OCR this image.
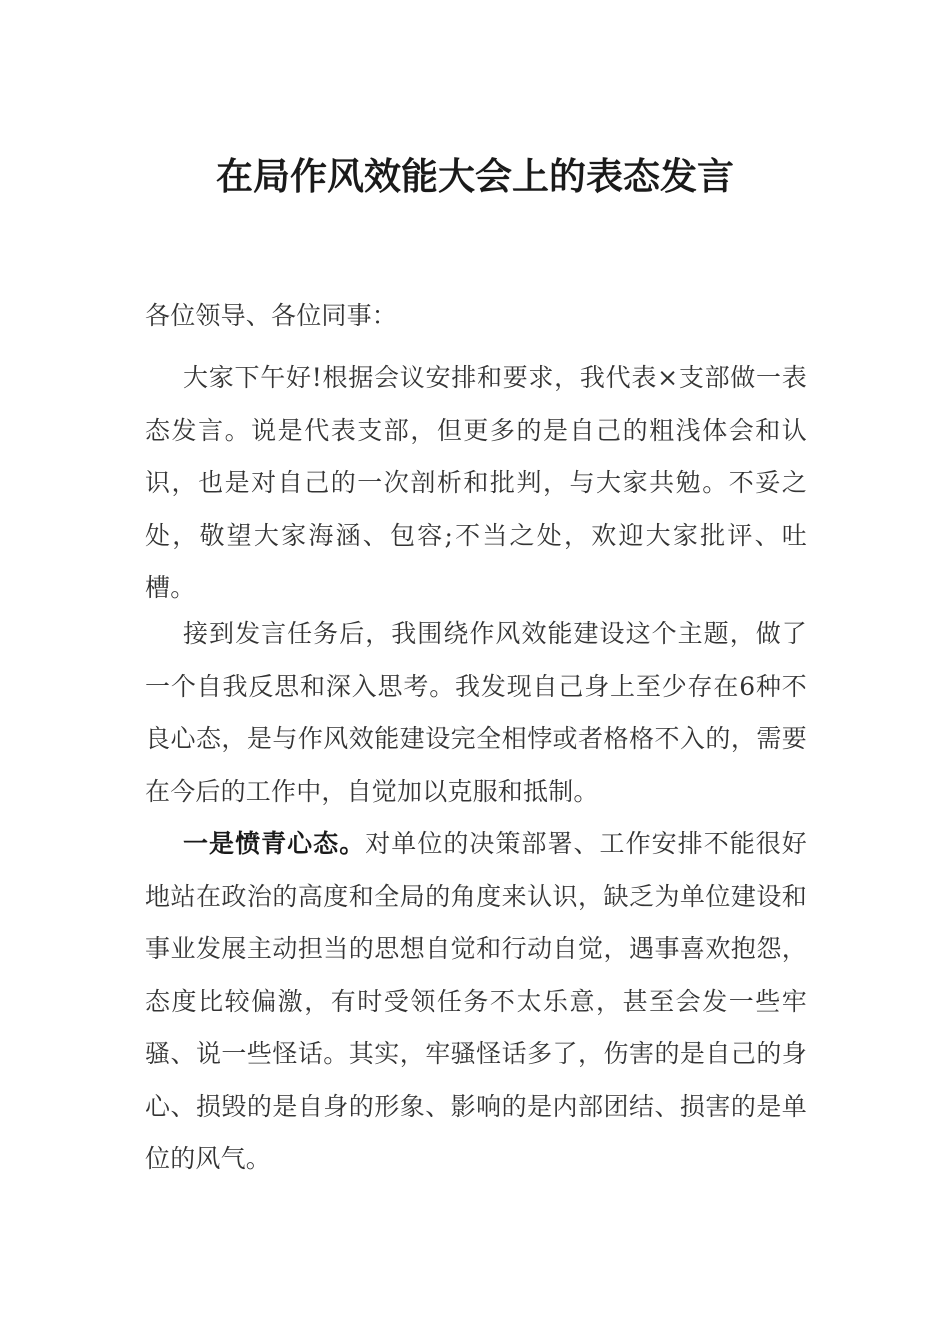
在局作风效能大会上的表态发言
各位领导、各位同事：
大家下午好!根据会议安排和要求，我代表×支部做一表态发言。说是代表支部，但更多的是自己的粗浅体会和认识，也是对自己的一次剖析和批判，与大家共勉。不妥之处，敬望大家海涵、包容;不当之处，欢迎大家批评、吐槽。
接到发言任务后，我围绕作风效能建设这个主题，做了一个自我反思和深入思考。我发现自己身上至少存在6种不良心态，是与作风效能建设完全相悖或者格格不入的，需要在今后的工作中，自觉加以克服和抵制。
一是愤青心态。对单位的决策部署、工作安排不能很好地站在政治的高度和全局的角度来认识，缺乏为单位建设和事业发展主动担当的思想自觉和行动自觉，遇事喜欢抱怨，态度比较偏激，有时受领任务不太乐意，甚至会发一些牢骚、说一些怪话。其实，牢骚怪话多了，伤害的是自己的身心、损毁的是自身的形象、影响的是内部团结、损害的是单位的风气。
